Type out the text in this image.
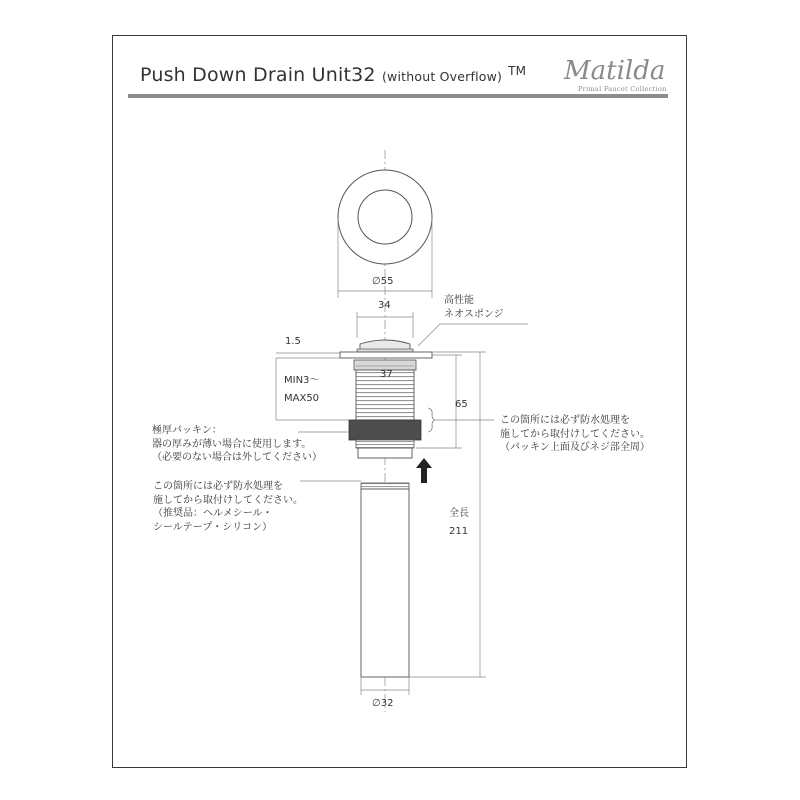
Push Down Drain Unit32 (without Overflow) ™ Matilda
Primal Faucet Collection
∅55
34
1.5
37
MIN3〜
MAX50
65
全長
211
∅32
高性能
ネオスポンジ
極厚パッキン：
器の厚みが薄い場合に使用します。
（必要のない場合は外してください）
この箇所には必ず防水処理を
施してから取付けしてください。
（パッキン上面及びネジ部全周）
この箇所には必ず防水処理を
施してから取付けしてください。
（推奨品：ヘルメシール・
シールテープ・シリコン）
